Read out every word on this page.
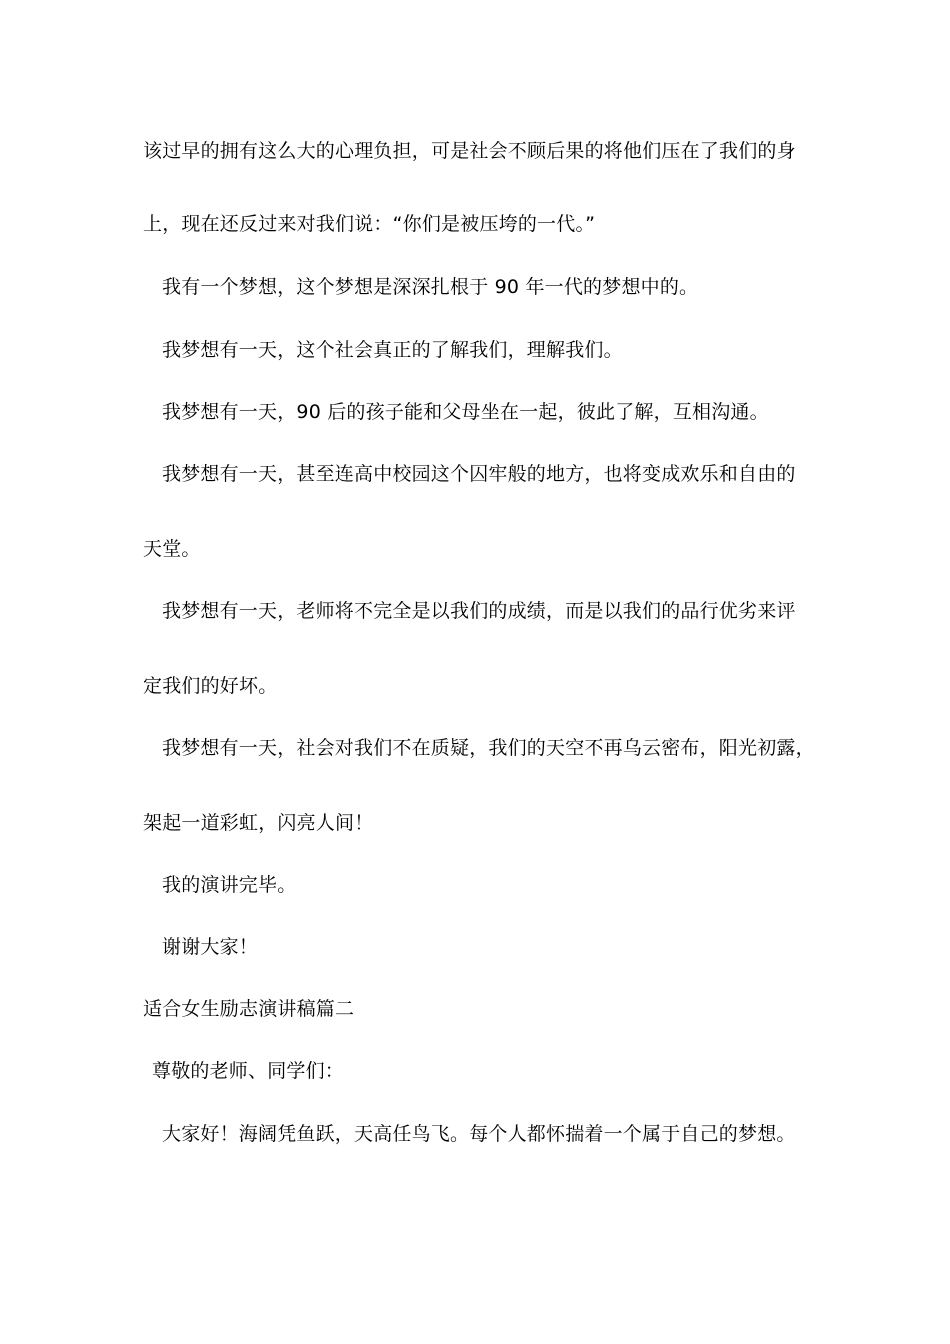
该过早的拥有这么大的心理负担，可是社会不顾后果的将他们压在了我们的身
上，现在还反过来对我们说：“你们是被压垮的一代。”
我有一个梦想，这个梦想是深深扎根于 90 年一代的梦想中的。
我梦想有一天，这个社会真正的了解我们，理解我们。
我梦想有一天，90 后的孩子能和父母坐在一起，彼此了解，互相沟通。
我梦想有一天，甚至连高中校园这个囚牢般的地方，也将变成欢乐和自由的
天堂。
我梦想有一天，老师将不完全是以我们的成绩，而是以我们的品行优劣来评
定我们的好坏。
我梦想有一天，社会对我们不在质疑，我们的天空不再乌云密布，阳光初露，
架起一道彩虹，闪亮人间！
我的演讲完毕。
谢谢大家！
适合女生励志演讲稿篇二
尊敬的老师、同学们：
大家好！海阔凭鱼跃，天高任鸟飞。每个人都怀揣着一个属于自己的梦想。
